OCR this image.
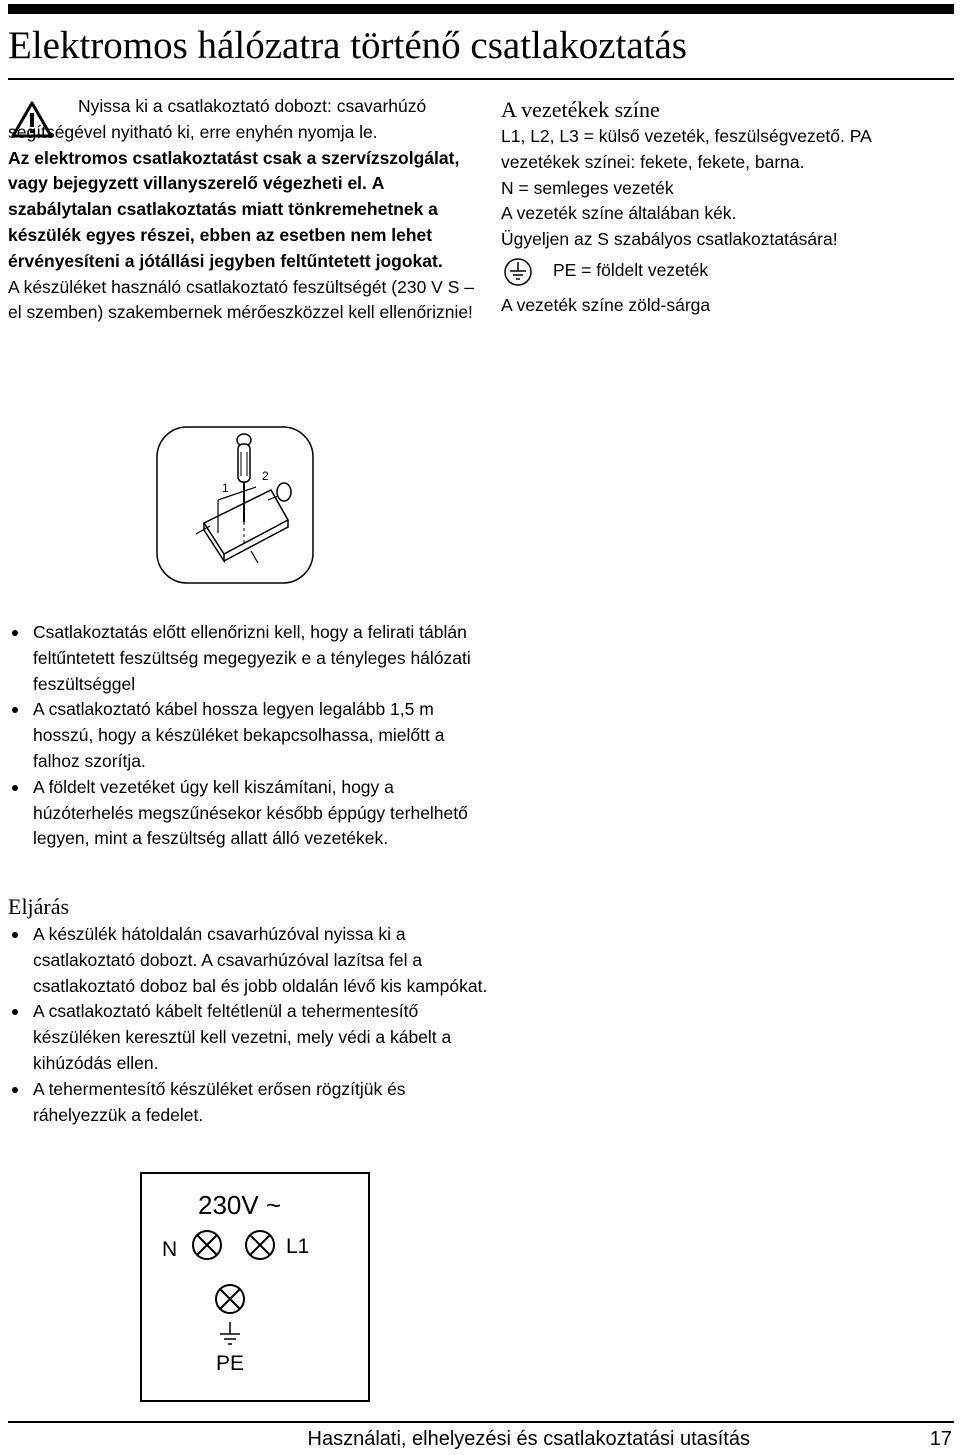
Elektromos hálózatra történő csatlakoztatás

Nyissa ki a csatlakoztató dobozt: csavarhúzó segítségével nyitható ki, erre enyhén nyomja le.

Az elektromos csatlakoztatást csak a szervízszolgálat, vagy bejegyzett villanyszerelő végezheti el. A szabálytalan csatlakoztatás miatt tönkremehetnek a készülék egyes részei, ebben az esetben nem lehet érvényesíteni a jótállási jegyben feltűntetett jogokat.

A készüléket használó csatlakoztató feszültségét (230 V S –el szemben) szakembernek mérőeszközzel kell ellenőriznie!

A vezetékek színe

L1, L2, L3 = külső vezeték, feszülségvezető. PA vezetékek színei: fekete, fekete, barna.

N = semleges vezeték

A vezeték színe általában kék.

Ügyeljen az S szabályos csatlakoztatására!

PE = földelt vezeték

A vezeték színe zöld-sárga

1
2
Csatlakoztatás előtt ellenőrizni kell, hogy a felirati táblán feltűntetett feszültség megegyezik e a tényleges hálózati feszültséggel
A csatlakoztató kábel hossza legyen legalább 1,5 m hosszú, hogy a készüléket bekapcsolhassa, mielőtt a falhoz szorítja.
A földelt vezetéket úgy kell kiszámítani, hogy a húzóterhelés megszűnésekor később éppúgy terhelhető legyen, mint a feszültség allatt álló vezetékek.
Eljárás
A készülék hátoldalán csavarhúzóval nyissa ki a csatlakoztató dobozt. A csavarhúzóval lazítsa fel a csatlakoztató doboz bal és jobb oldalán lévő kis kampókat.
A csatlakoztató kábelt feltétlenül a tehermentesítő készüléken keresztül kell vezetni, mely védi a kábelt a kihúzódás ellen.
A tehermentesítő készüléket erősen rögzítjük és ráhelyezzük a fedelet.
230V ~
N	L1
PE
Használati, elhelyezési és csatlakoztatási utasítás	17
